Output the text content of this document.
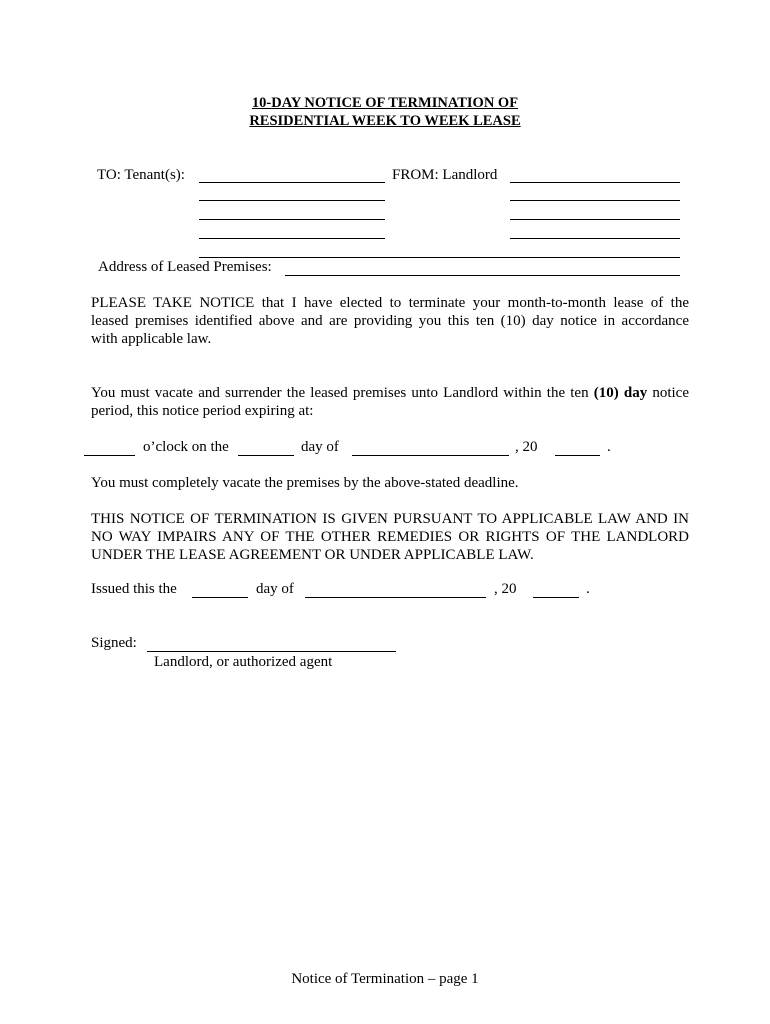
10-DAY NOTICE OF TERMINATION OF
RESIDENTIAL WEEK TO WEEK LEASE
TO: Tenant(s):	FROM: Landlord
Address of Leased Premises:
PLEASE TAKE NOTICE that I have elected to terminate your month-to-month lease of the
leased premises identified above and are providing you this ten (10) day notice in accordance
with applicable law.
You must vacate and surrender the leased premises unto Landlord within the ten (10) day notice
period, this notice period expiring at:
o’clock on the	day of	, 20	.
You must completely vacate the premises by the above-stated deadline.
THIS NOTICE OF TERMINATION IS GIVEN PURSUANT TO APPLICABLE LAW AND IN
NO WAY IMPAIRS ANY OF THE OTHER REMEDIES OR RIGHTS OF THE LANDLORD
UNDER THE LEASE AGREEMENT OR UNDER APPLICABLE LAW.
Issued this the	day of	, 20	.
Signed:
Landlord, or authorized agent
Notice of Termination – page 1
